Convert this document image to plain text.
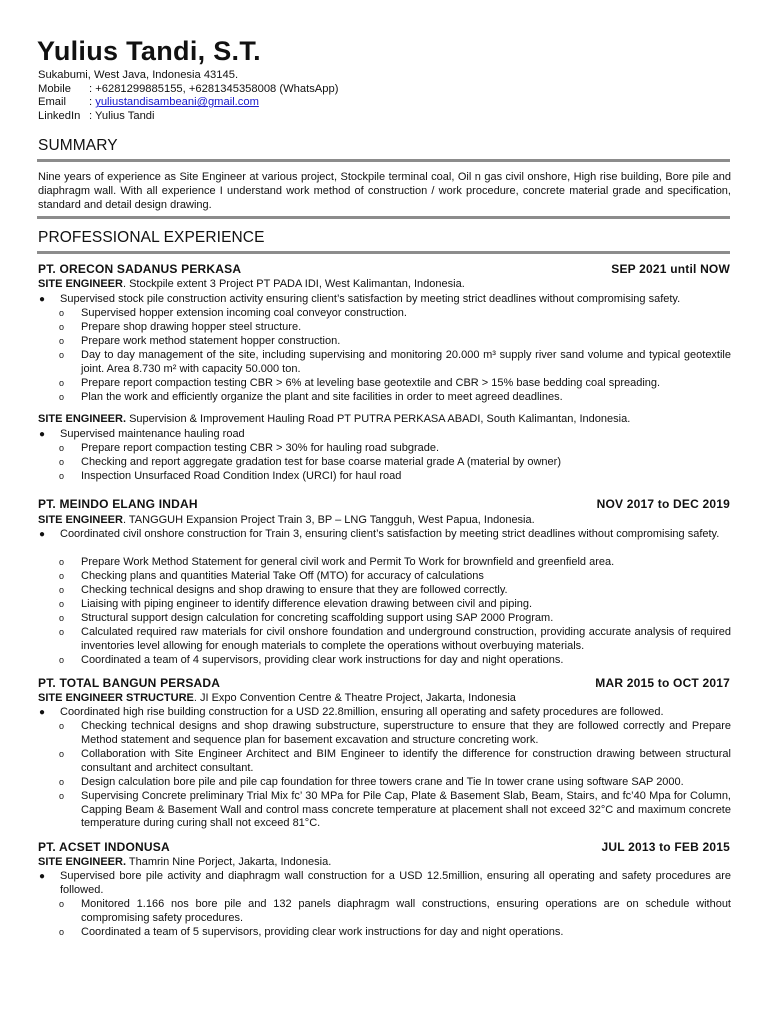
Yulius Tandi, S.T.
Sukabumi, West Java, Indonesia 43145.
Mobile	: +6281299885155, +6281345358008 (WhatsApp)
Email	: yuliustandisambeani@gmail.com
LinkedIn : Yulius Tandi
SUMMARY

Nine years of experience as Site Engineer at various project, Stockpile terminal coal, Oil n gas civil onshore, High rise building, Bore pile and diaphragm wall. With all experience I understand work method of construction / work procedure, concrete material grade and specification, standard and detail design drawing.

PROFESSIONAL EXPERIENCE
PT. ORECON SADANUS PERKASA	SEP 2021 until NOW
SITE ENGINEER. Stockpile extent 3 Project PT PADA IDI, West Kalimantan, Indonesia.
●	Supervised stock pile construction activity ensuring client’s satisfaction by meeting strict deadlines without compromising safety.
o	Supervised hopper extension incoming coal conveyor construction.
o	Prepare shop drawing hopper steel structure.
o	Prepare work method statement hopper construction.
o	Day to day management of the site, including supervising and monitoring 20.000 m³ supply river sand volume and typical geotextile joint. Area 8.730 m² with capacity 50.000 ton.
o	Prepare report compaction testing CBR > 6% at leveling base geotextile and CBR > 15% base bedding coal spreading.
o	Plan the work and efficiently organize the plant and site facilities in order to meet agreed deadlines.
SITE ENGINEER. Supervision & Improvement Hauling Road PT PUTRA PERKASA ABADI, South Kalimantan, Indonesia.
●	Supervised maintenance hauling road
o	Prepare report compaction testing CBR > 30% for hauling road subgrade.
o	Checking and report aggregate gradation test for base coarse material grade A (material by owner)
o	Inspection Unsurfaced Road Condition Index (URCI) for haul road
PT. MEINDO ELANG INDAH	NOV 2017 to DEC 2019
SITE ENGINEER. TANGGUH Expansion Project Train 3, BP – LNG Tangguh, West Papua, Indonesia.
●	Coordinated civil onshore construction for Train 3, ensuring client’s satisfaction by meeting strict deadlines without compromising safety.
o	Prepare Work Method Statement for general civil work and Permit To Work for brownfield and greenfield area.
o	Checking plans and quantities Material Take Off (MTO) for accuracy of calculations
o	Checking technical designs and shop drawing to ensure that they are followed correctly.
o	Liaising with piping engineer to identify difference elevation drawing between civil and piping.
o	Structural support design calculation for concreting scaffolding support using SAP 2000 Program.
o	Calculated required raw materials for civil onshore foundation and underground construction, providing accurate analysis of required inventories level allowing for enough materials to complete the operations without overbuying materials.
o	Coordinated a team of 4 supervisors, providing clear work instructions for day and night operations.
PT. TOTAL BANGUN PERSADA	MAR 2015 to OCT 2017
SITE ENGINEER STRUCTURE. JI Expo Convention Centre & Theatre Project, Jakarta, Indonesia
●	Coordinated high rise building construction for a USD 22.8million, ensuring all operating and safety procedures are followed.
o	Checking technical designs and shop drawing substructure, superstructure to ensure that they are followed correctly and Prepare Method statement and sequence plan for basement excavation and structure concreting work.
o	Collaboration with Site Engineer Architect and BIM Engineer to identify the difference for construction drawing between structural consultant and architect consultant.
o	Design calculation bore pile and pile cap foundation for three towers crane and Tie In tower crane using software SAP 2000.
o	Supervising Concrete preliminary Trial Mix fc’ 30 MPa for Pile Cap, Plate & Basement Slab, Beam, Stairs, and fc’40 Mpa for Column, Capping Beam & Basement Wall and control mass concrete temperature at placement shall not exceed 32°C and maximum concrete temperature during curing shall not exceed 81°C.
PT. ACSET INDONUSA	JUL 2013 to FEB 2015
SITE ENGINEER. Thamrin Nine Porject, Jakarta, Indonesia.
●	Supervised bore pile activity and diaphragm wall construction for a USD 12.5million, ensuring all operating and safety procedures are followed.
o	Monitored 1.166 nos bore pile and 132 panels diaphragm wall constructions, ensuring operations are on schedule without compromising safety procedures.
o	Coordinated a team of 5 supervisors, providing clear work instructions for day and night operations.
